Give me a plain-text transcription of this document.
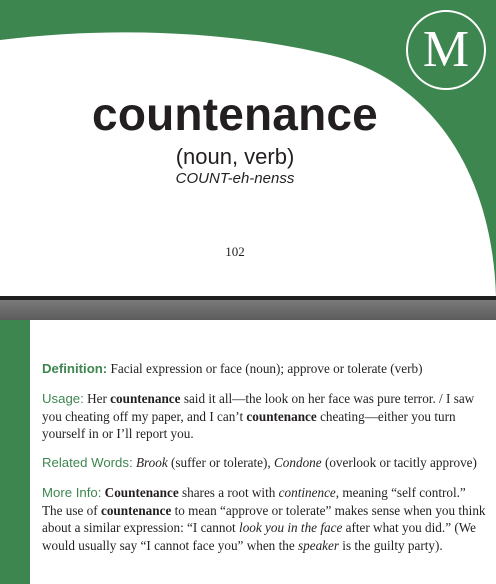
M
countenance
(noun, verb)
COUNT-eh-nenss
102
Definition: Facial expression or face (noun); approve or tolerate (verb)
Usage: Her countenance said it all—the look on her face was pure terror. / I saw you cheating off my paper, and I can’t countenance cheating—either you turn yourself in or I’ll report you.
Related Words: Brook (suffer or tolerate), Condone (overlook or tacitly approve)
More Info: Countenance shares a root with continence, meaning “self control.” The use of countenance to mean “approve or tolerate” makes sense when you think about a similar expression: “I cannot look you in the face after what you did.” (We would usually say “I cannot face you” when the speaker is the guilty party).
